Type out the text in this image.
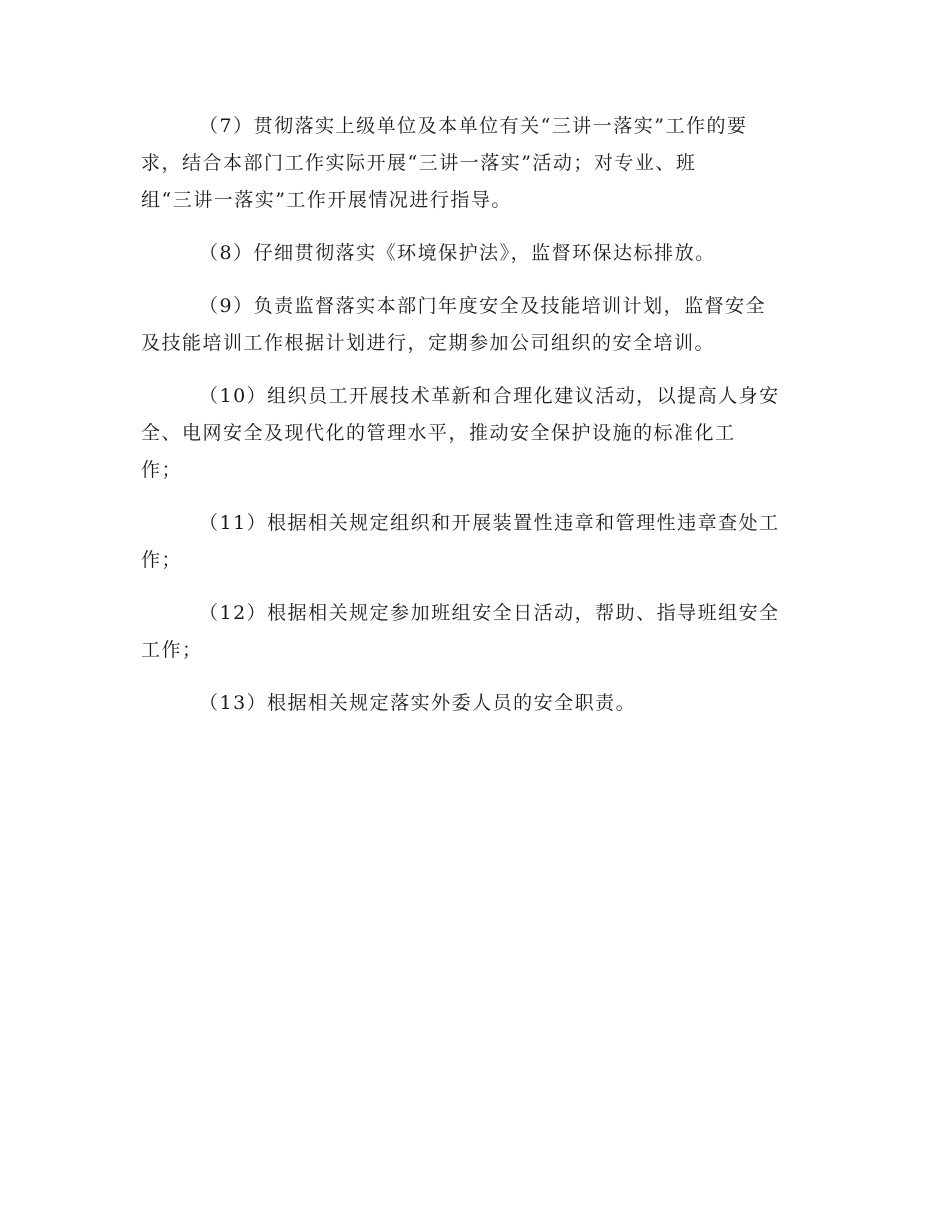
（7）贯彻落实上级单位及本单位有关“三讲一落实”工作的要
求，结合本部门工作实际开展“三讲一落实”活动；对专业、班
组“三讲一落实”工作开展情况进行指导。

（8）仔细贯彻落实《环境保护法》，监督环保达标排放。

（9）负责监督落实本部门年度安全及技能培训计划，监督安全
及技能培训工作根据计划进行，定期参加公司组织的安全培训。

（10）组织员工开展技术革新和合理化建议活动，以提高人身安
全、电网安全及现代化的管理水平，推动安全保护设施的标准化工
作；

（11）根据相关规定组织和开展装置性违章和管理性违章查处工
作；

（12）根据相关规定参加班组安全日活动，帮助、指导班组安全
工作；

（13）根据相关规定落实外委人员的安全职责。
